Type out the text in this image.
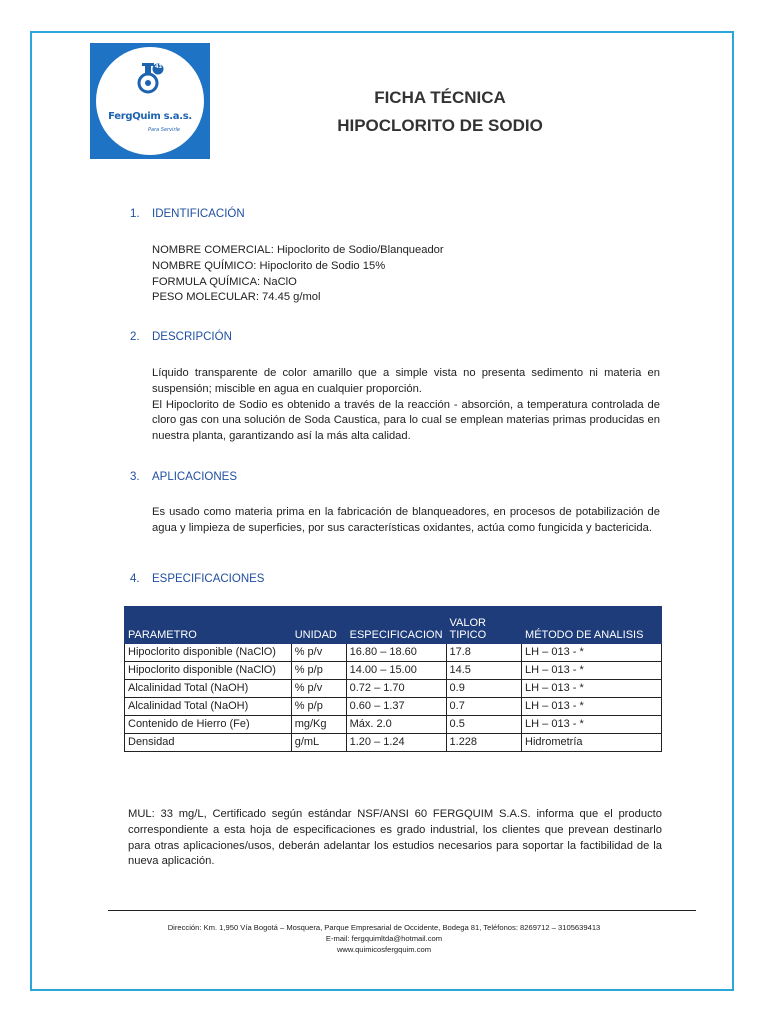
43
FergQuim s.a.s.
Para Servirle
FICHA TÉCNICA
HIPOCLORITO DE SODIO
1. IDENTIFICACIÓN
NOMBRE COMERCIAL: Hipoclorito de Sodio/Blanqueador
NOMBRE QUÍMICO: Hipoclorito de Sodio 15%
FORMULA QUÍMICA: NaClO
PESO MOLECULAR: 74.45 g/mol
2. DESCRIPCIÓN
Líquido transparente de color amarillo que a simple vista no presenta sedimento ni materia en suspensión; miscible en agua en cualquier proporción.
El Hipoclorito de Sodio es obtenido a través de la reacción - absorción, a temperatura controlada de cloro gas con una solución de Soda Caustica, para lo cual se emplean materias primas producidas en nuestra planta, garantizando así la más alta calidad.
3. APLICACIONES
Es usado como materia prima en la fabricación de blanqueadores, en procesos de potabilización de agua y limpieza de superficies, por sus características oxidantes, actúa como fungicida y bactericida.
4. ESPECIFICACIONES
PARAMETRO	UNIDAD	ESPECIFICACION	VALOR TIPICO	MÉTODO DE ANALISIS
Hipoclorito disponible (NaClO)	% p/v	16.80 – 18.60	17.8	LH – 013 - *
Hipoclorito disponible (NaClO)	% p/p	14.00 – 15.00	14.5	LH – 013 - *
Alcalinidad Total (NaOH)	% p/v	0.72 – 1.70	0.9	LH – 013 - *
Alcalinidad Total (NaOH)	% p/p	0.60 – 1.37	0.7	LH – 013 - *
Contenido de Hierro (Fe)	mg/Kg	Máx. 2.0	0.5	LH – 013 - *
Densidad	g/mL	1.20 – 1.24	1.228	Hidrometría
MUL: 33 mg/L, Certificado según estándar NSF/ANSI 60 FERGQUIM S.A.S. informa que el producto correspondiente a esta hoja de especificaciones es grado industrial, los clientes que prevean destinarlo para otras aplicaciones/usos, deberán adelantar los estudios necesarios para soportar la factibilidad de la nueva aplicación.
Dirección: Km. 1,950 Vía Bogotá – Mosquera, Parque Empresarial de Occidente, Bodega 81, Teléfonos: 8269712 – 3105639413
E-mail: fergquimltda@hotmail.com
www.quimicosfergquim.com
